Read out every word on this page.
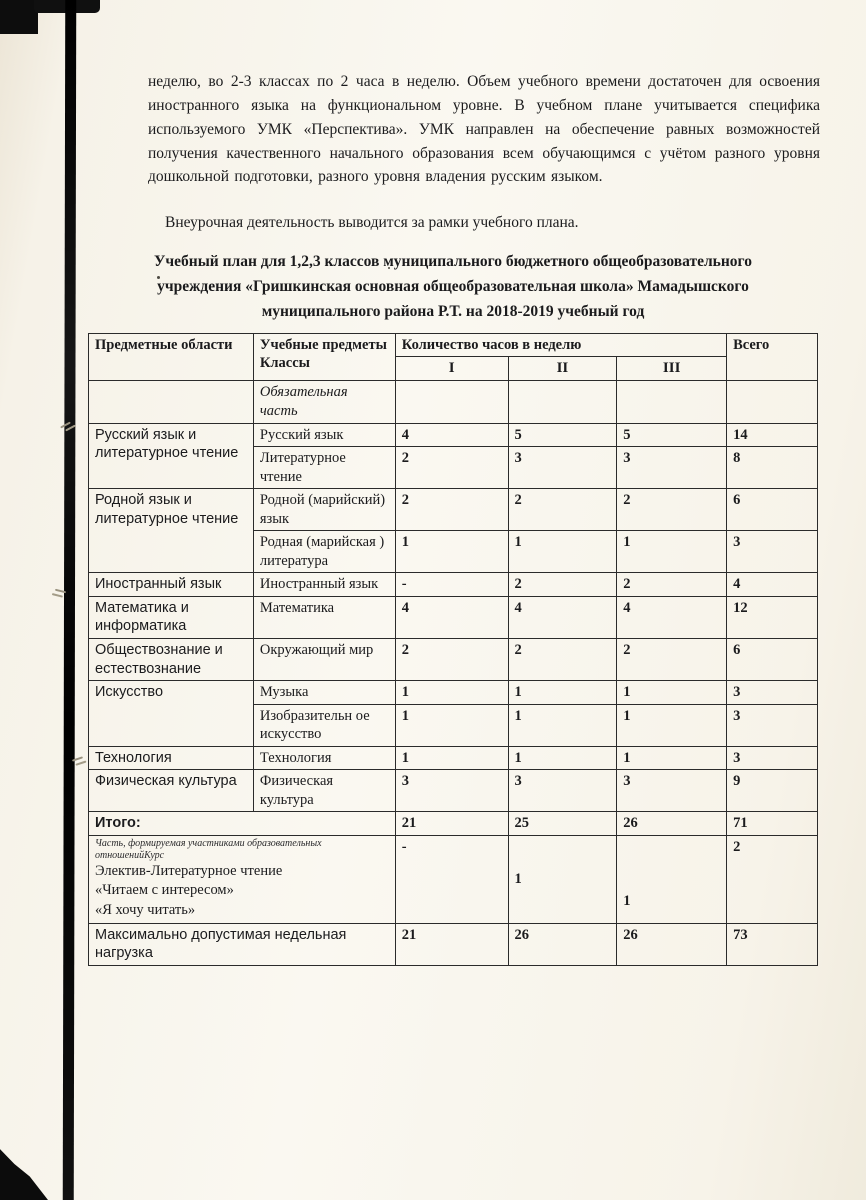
неделю, во 2-3 классах по 2 часа в неделю. Объем учебного времени достаточен для освоения иностранного языка на функциональном уровне. В учебном плане учитывается специфика используемого УМК «Перспектива». УМК направлен на обеспечение равных возможностей получения качественного начального образования всем обучающимся с учётом разного уровня дошкольной подготовки, разного уровня владения русским языком.

Внеурочная деятельность выводится за рамки учебного плана.

Учебный план для 1,2,3 классов муниципального бюджетного общеобразовательного учреждения «Гришкинская основная общеобразовательная школа» Мамадышского муниципального района Р.Т. на 2018-2019 учебный год
Предметные области	Учебные предметы
Классы	Количество часов в неделю			Всего
		I	II	III	
	Обязательная часть				
Русский язык и литературное чтение	Русский язык	4	5	5	14
	Литературное чтение	2	3	3	8
Родной язык и литературное чтение	Родной (марийский) язык	2	2	2	6
	Родная (марийская ) литература	1	1	1	3
Иностранный язык	Иностранный язык	-	2	2	4
Математика и информатика	Математика	4	4	4	12
Обществознание и естествознание	Окружающий мир	2	2	2	6
Искусство	Музыка	1	1	1	3
	Изобразительн ое искусство	1	1	1	3
Технология	Технология	1	1	1	3
Физическая культура	Физическая культура	3	3	3	9
Итого:		21	25	26	71

Часть, формируемая участниками образовательных отношенийКурс
Электив-Литературное чтение
«Читаем с интересом»
«Я хочу читать»		-	1	1	2
Максимально допустимая недельная нагрузка		21	26	26	73
